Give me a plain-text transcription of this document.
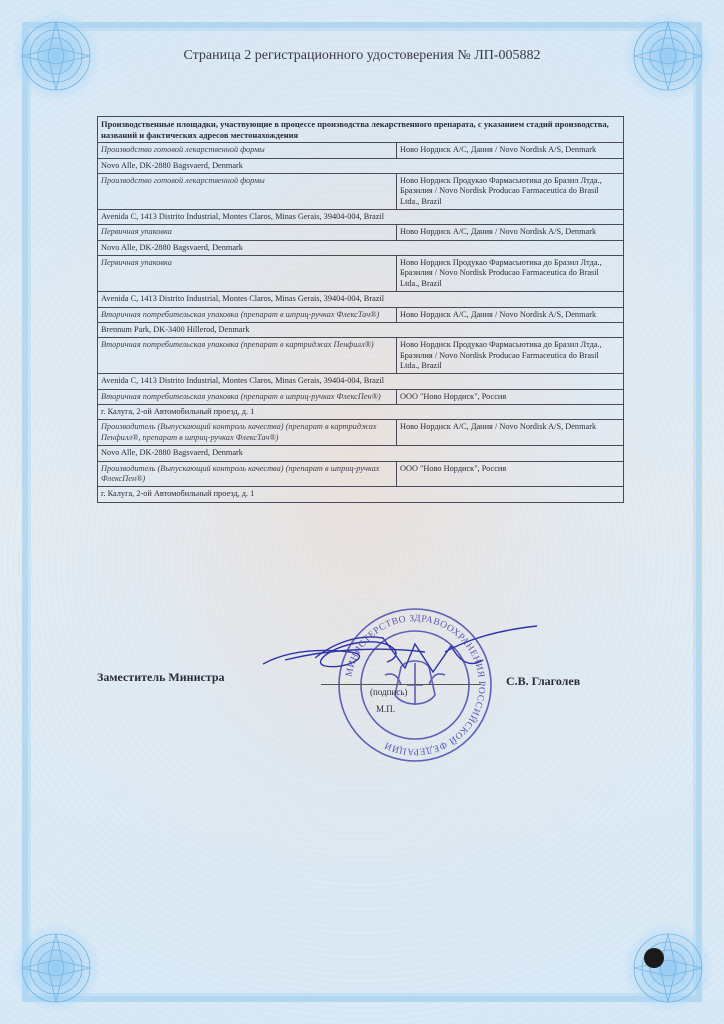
Страница 2 регистрационного удостоверения № ЛП-005882
Производственные площадки, участвующие в процессе производства лекарственного препарата, с указанием стадий производства, названий и фактических адресов местонахождения	
Производство готовой лекарственной формы	Ново Нордиск А/С, Дания / Novo Nordisk A/S, Denmark
Novo Alle, DK-2880 Bagsvaerd, Denmark	
Производство готовой лекарственной формы	Ново Нордиск Продукао Фармасьютика до Бразил Лтда., Бразилия / Novo Nordisk Producao Farmaceutica do Brasil Ltda., Brazil
Avenida C, 1413 Distrito Industrial, Montes Claros, Minas Gerais, 39404-004, Brazil	
Первичная упаковка	Ново Нордиск А/С, Дания / Novo Nordisk A/S, Denmark
Novo Alle, DK-2880 Bagsvaerd, Denmark	
Первичная упаковка	Ново Нордиск Продукао Фармасьютика до Бразил Лтда., Бразилия / Novo Nordisk Producao Farmaceutica do Brasil Ltda., Brazil
Avenida C, 1413 Distrito Industrial, Montes Claros, Minas Gerais, 39404-004, Brazil	
Вторичная потребительская упаковка (препарат в шприц-ручках ФлексТач®)	Ново Нордиск А/С, Дания / Novo Nordisk A/S, Denmark
Brennum Park, DK-3400 Hillerod, Denmark	
Вторичная потребительская упаковка (препарат в картриджах Пенфилл®)	Ново Нордиск Продукао Фармасьютика до Бразил Лтда., Бразилия / Novo Nordisk Producao Farmaceutica do Brasil Ltda., Brazil
Avenida C, 1413 Distrito Industrial, Montes Claros, Minas Gerais, 39404-004, Brazil	
Вторичная потребительская упаковка (препарат в шприц-ручках ФлексПен®)	ООО "Ново Нордиск", Россия
г. Калуга, 2-ой Автомобильный проезд, д. 1	
Производитель (Выпускающий контроль качества) (препарат в картриджах Пенфилл®, препарат в шприц-ручках ФлексТач®)	Ново Нордиск А/С, Дания / Novo Nordisk A/S, Denmark
Novo Alle, DK-2880 Bagsvaerd, Denmark	
Производитель (Выпускающий контроль качества) (препарат в шприц-ручках ФлексПен®)	ООО "Ново Нордиск", Россия
г. Калуга, 2-ой Автомобильный проезд, д. 1	
МИНИСТЕРСТВО ЗДРАВООХРАНЕНИЯ РОССИЙСКОЙ ФЕДЕРАЦИИ
Заместитель Министра
(подпись)
М.П.
С.В. Глаголев
